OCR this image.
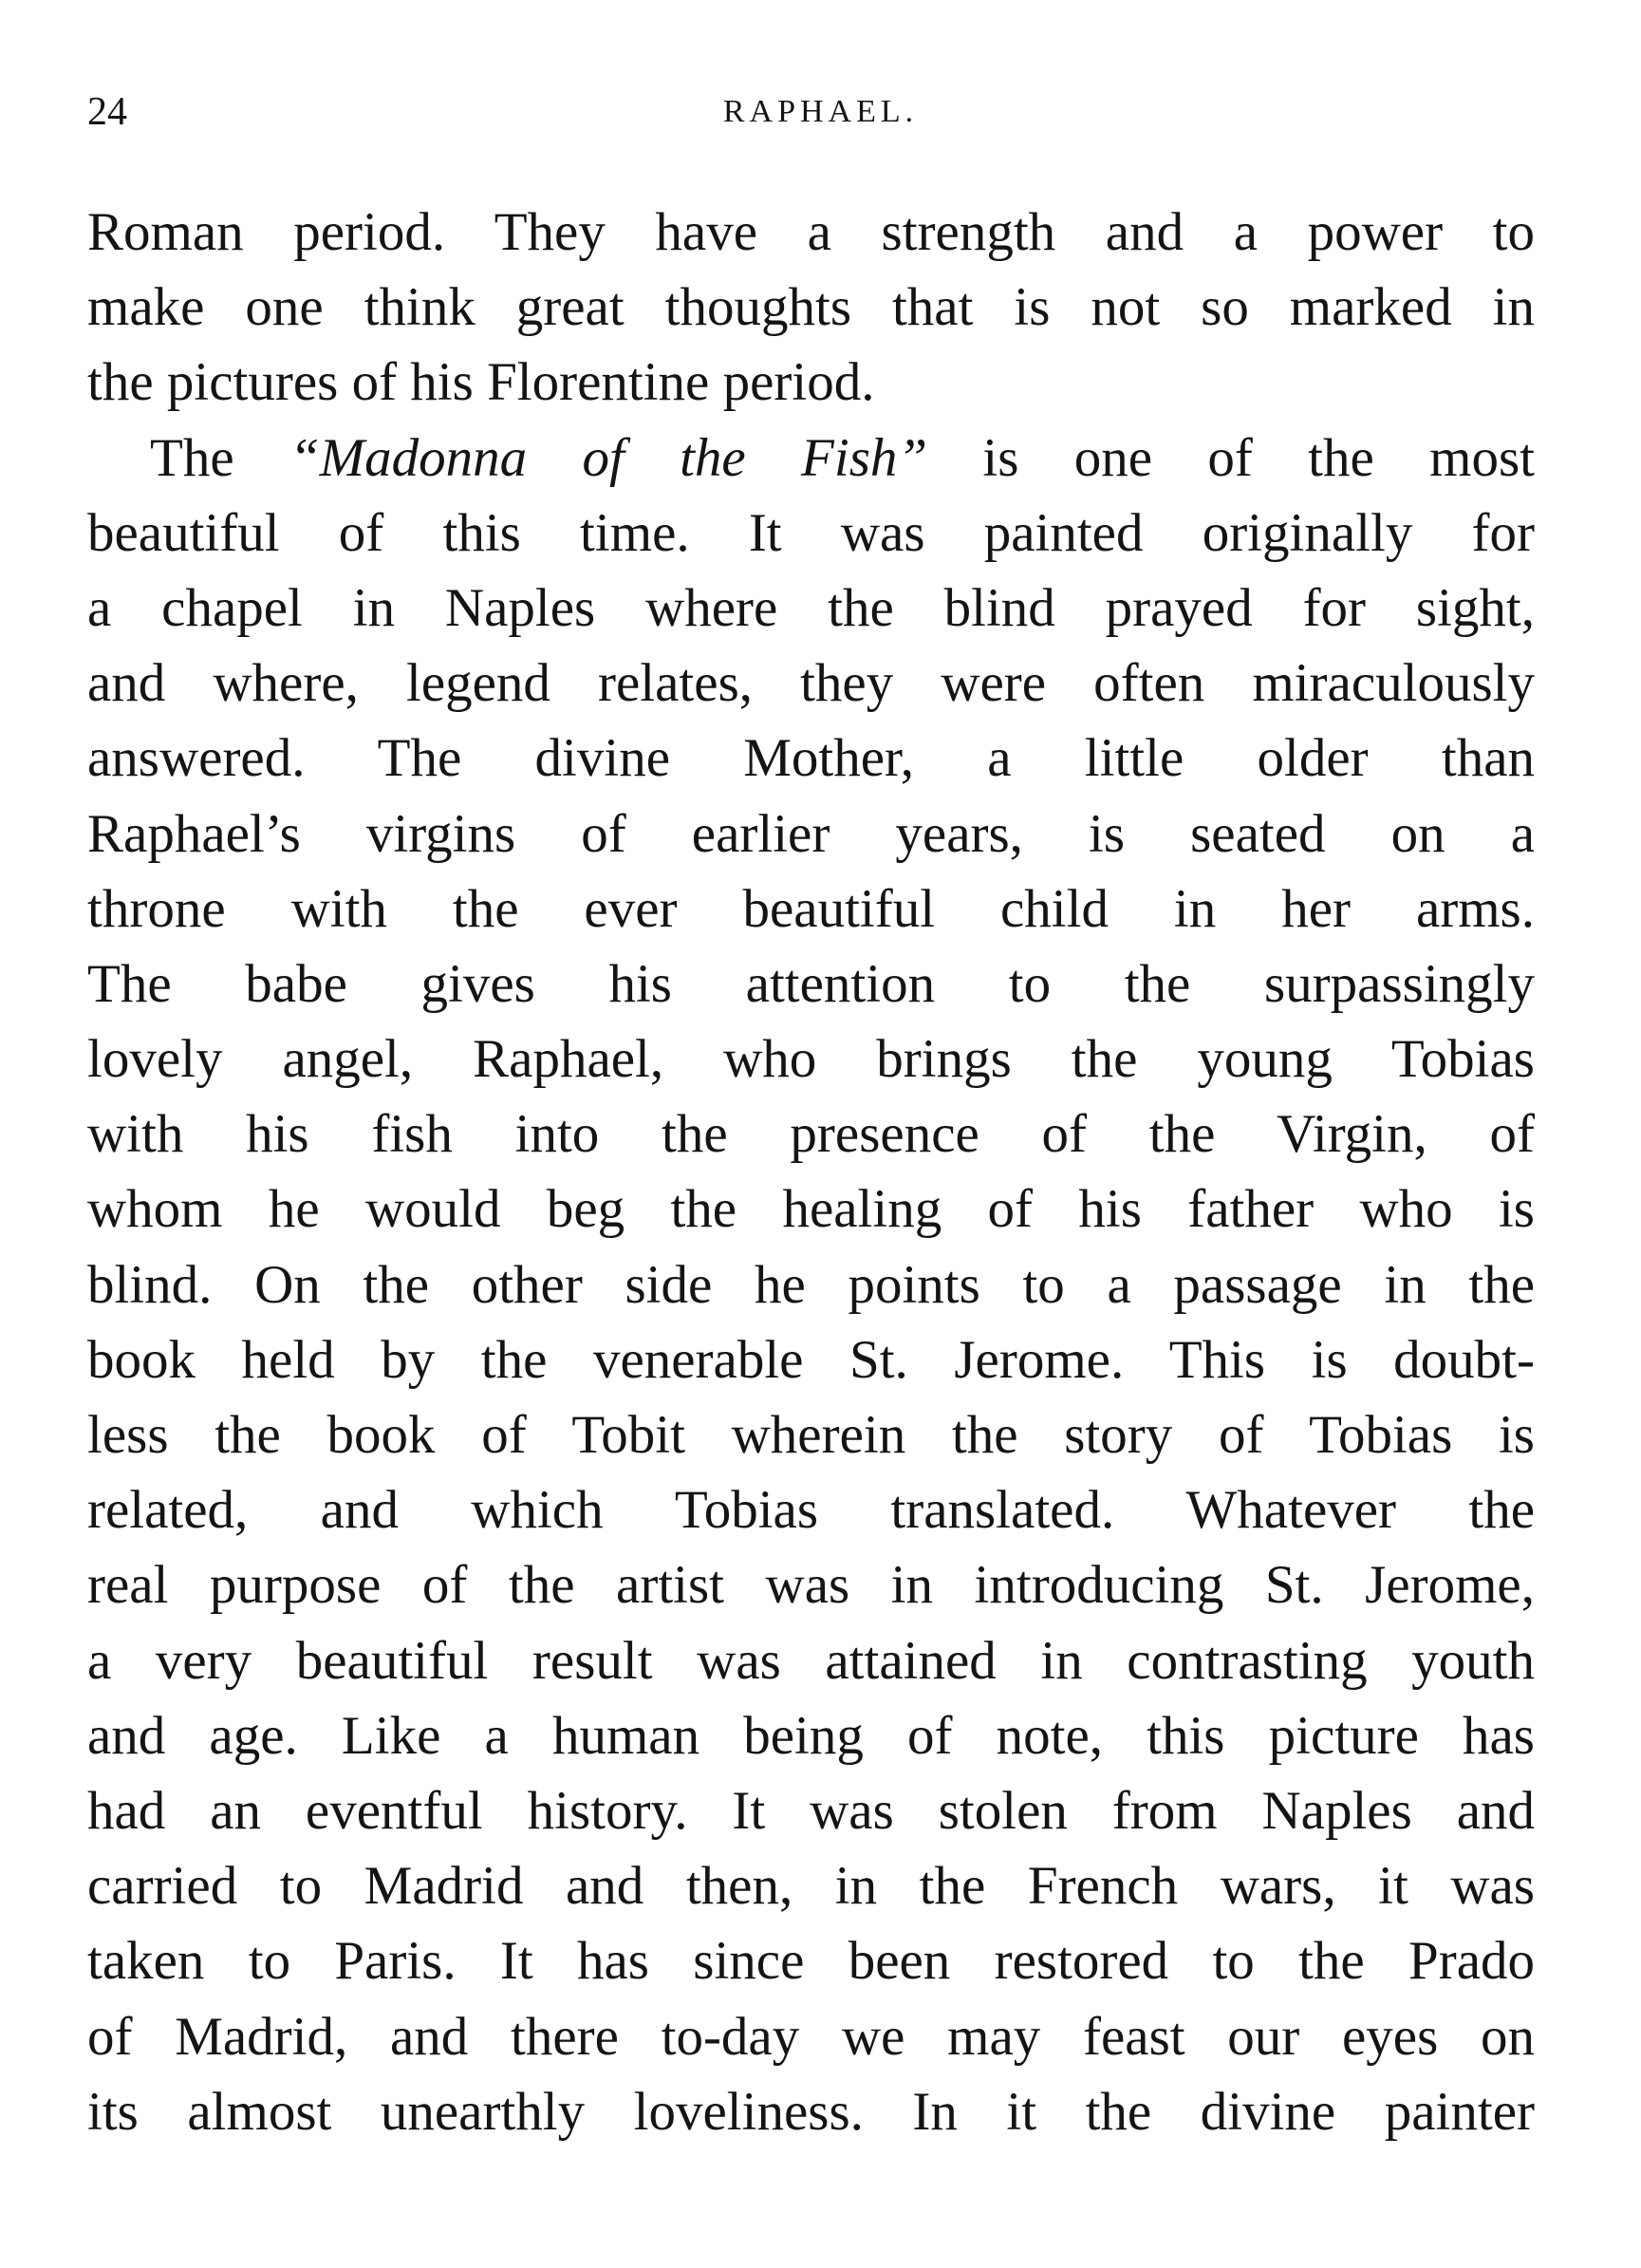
24	RAPHAEL.
Roman period. They have a strength and a power to
make one think great thoughts that is not so marked in
the pictures of his Florentine period.
The “Madonna of the Fish” is one of the most
beautiful of this time. It was painted originally for
a chapel in Naples where the blind prayed for sight,
and where, legend relates, they were often miraculously
answered. The divine Mother, a little older than
Raphael’s virgins of earlier years, is seated on a
throne with the ever beautiful child in her arms.
The babe gives his attention to the surpassingly
lovely angel, Raphael, who brings the young Tobias
with his fish into the presence of the Virgin, of
whom he would beg the healing of his father who is
blind. On the other side he points to a passage in the
book held by the venerable St. Jerome. This is doubt-
less the book of Tobit wherein the story of Tobias is
related, and which Tobias translated. Whatever the
real purpose of the artist was in introducing St. Jerome,
a very beautiful result was attained in contrasting youth
and age. Like a human being of note, this picture has
had an eventful history. It was stolen from Naples and
carried to Madrid and then, in the French wars, it was
taken to Paris. It has since been restored to the Prado
of Madrid, and there to-day we may feast our eyes on
its almost unearthly loveliness. In it the divine painter
